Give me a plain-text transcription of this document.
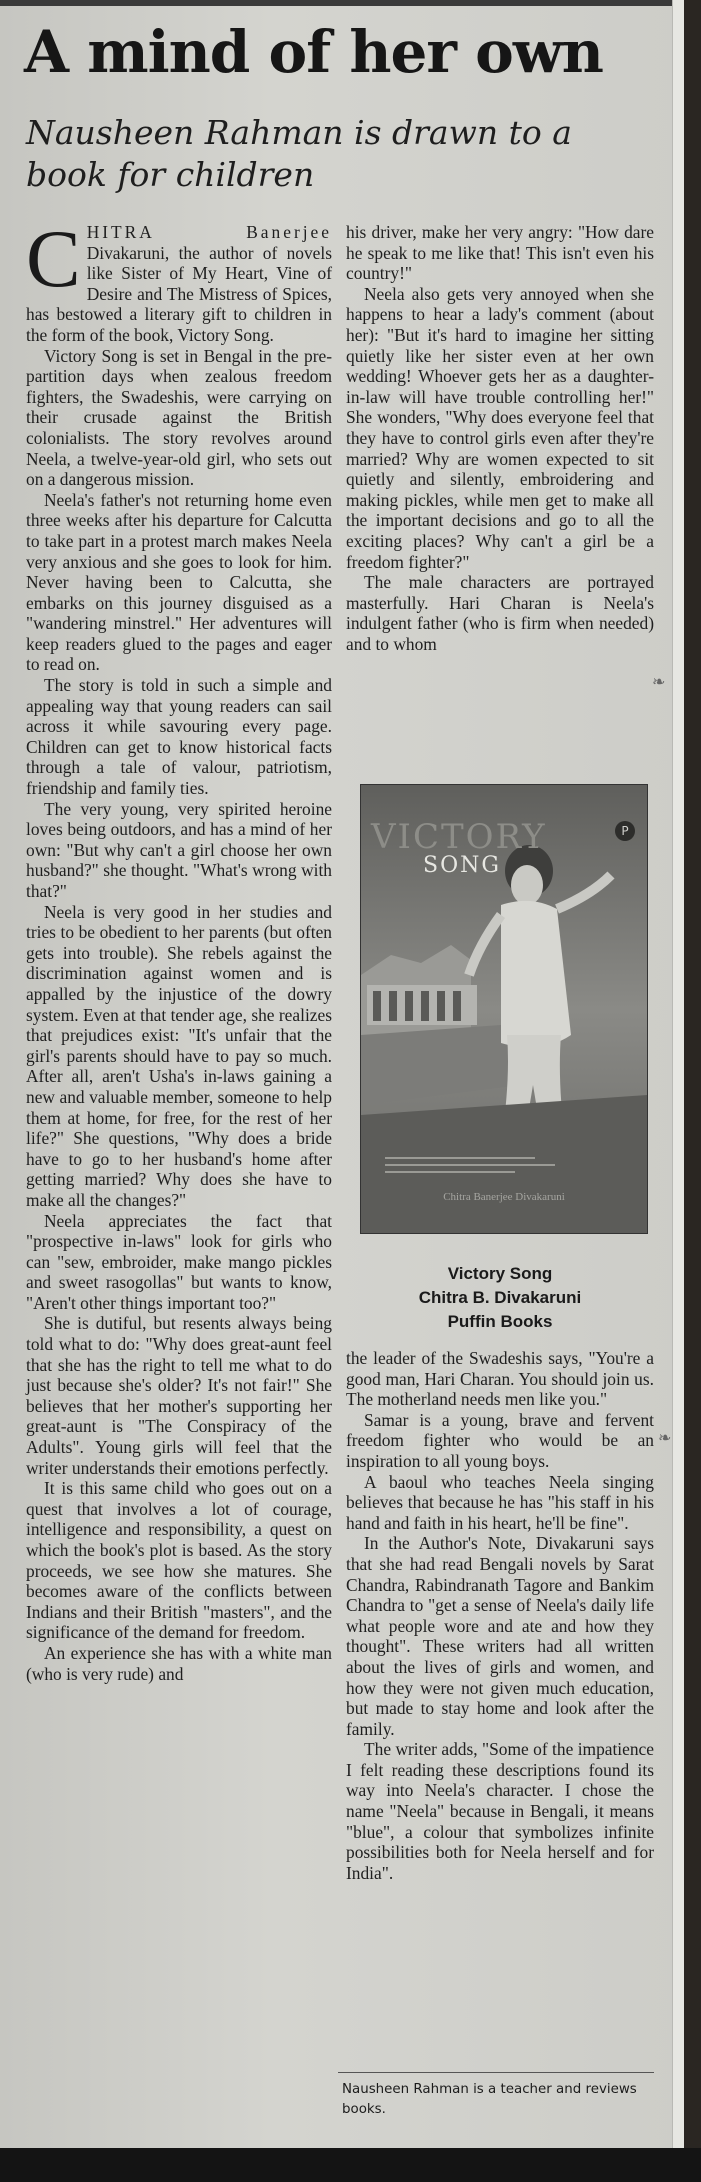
A mind of her own

Nausheen Rahman is drawn to a book for children

CHITRA Banerjee Divakaruni, the author of novels like Sister of My Heart, Vine of Desire and The Mistress of Spices, has bestowed a literary gift to children in the form of the book, Victory Song.

Victory Song is set in Bengal in the pre-partition days when zealous freedom fighters, the Swadeshis, were carrying on their crusade against the British colonialists. The story revolves around Neela, a twelve-year-old girl, who sets out on a dangerous mission.

Neela's father's not returning home even three weeks after his departure for Calcutta to take part in a protest march makes Neela very anxious and she goes to look for him. Never having been to Calcutta, she embarks on this journey disguised as a "wandering minstrel." Her adventures will keep readers glued to the pages and eager to read on.

The story is told in such a simple and appealing way that young readers can sail across it while savouring every page. Children can get to know historical facts through a tale of valour, patriotism, friendship and family ties.

The very young, very spirited heroine loves being outdoors, and has a mind of her own: "But why can't a girl choose her own husband?" she thought. "What's wrong with that?"

Neela is very good in her studies and tries to be obedient to her parents (but often gets into trouble). She rebels against the discrimination against women and is appalled by the injustice of the dowry system. Even at that tender age, she realizes that prejudices exist: "It's unfair that the girl's parents should have to pay so much. After all, aren't Usha's in-laws gaining a new and valuable member, someone to help them at home, for free, for the rest of her life?" She questions, "Why does a bride have to go to her husband's home after getting married? Why does she have to make all the changes?"

Neela appreciates the fact that "prospective in-laws" look for girls who can "sew, embroider, make mango pickles and sweet rasogollas" but wants to know, "Aren't other things important too?"

She is dutiful, but resents always being told what to do: "Why does great-aunt feel that she has the right to tell me what to do just because she's older? It's not fair!" She believes that her mother's supporting her great-aunt is "The Conspiracy of the Adults". Young girls will feel that the writer understands their emotions perfectly.

It is this same child who goes out on a quest that involves a lot of courage, intelligence and responsibility, a quest on which the book's plot is based. As the story proceeds, we see how she matures. She becomes aware of the conflicts between Indians and their British "masters", and the significance of the demand for freedom.

An experience she has with a white man (who is very rude) and

his driver, make her very angry: "How dare he speak to me like that! This isn't even his country!"

Neela also gets very annoyed when she happens to hear a lady's comment (about her): "But it's hard to imagine her sitting quietly like her sister even at her own wedding! Whoever gets her as a daughter-in-law will have trouble controlling her!" She wonders, "Why does everyone feel that they have to control girls even after they're married? Why are women expected to sit quietly and silently, embroidering and making pickles, while men get to make all the important decisions and go to all the exciting places? Why can't a girl be a freedom fighter?"

The male characters are portrayed masterfully. Hari Charan is Neela's indulgent father (who is firm when needed) and to whom

VICTORY
SONG
P
Chitra Banerjee Divakaruni
Victory Song
Chitra B. Divakaruni
Puffin Books

the leader of the Swadeshis says, "You're a good man, Hari Charan. You should join us. The motherland needs men like you."

Samar is a young, brave and fervent freedom fighter who would be an inspiration to all young boys.

A baoul who teaches Neela singing believes that because he has "his staff in his hand and faith in his heart, he'll be fine".

In the Author's Note, Divakaruni says that she had read Bengali novels by Sarat Chandra, Rabindranath Tagore and Bankim Chandra to "get a sense of Neela's daily life what people wore and ate and how they thought". These writers had all written about the lives of girls and women, and how they were not given much education, but made to stay home and look after the family.

The writer adds, "Some of the impatience I felt reading these descriptions found its way into Neela's character. I chose the name "Neela" because in Bengali, it means "blue", a colour that symbolizes infinite possibilities both for Neela herself and for India".

Nausheen Rahman is a teacher and reviews books.
❧
❧
